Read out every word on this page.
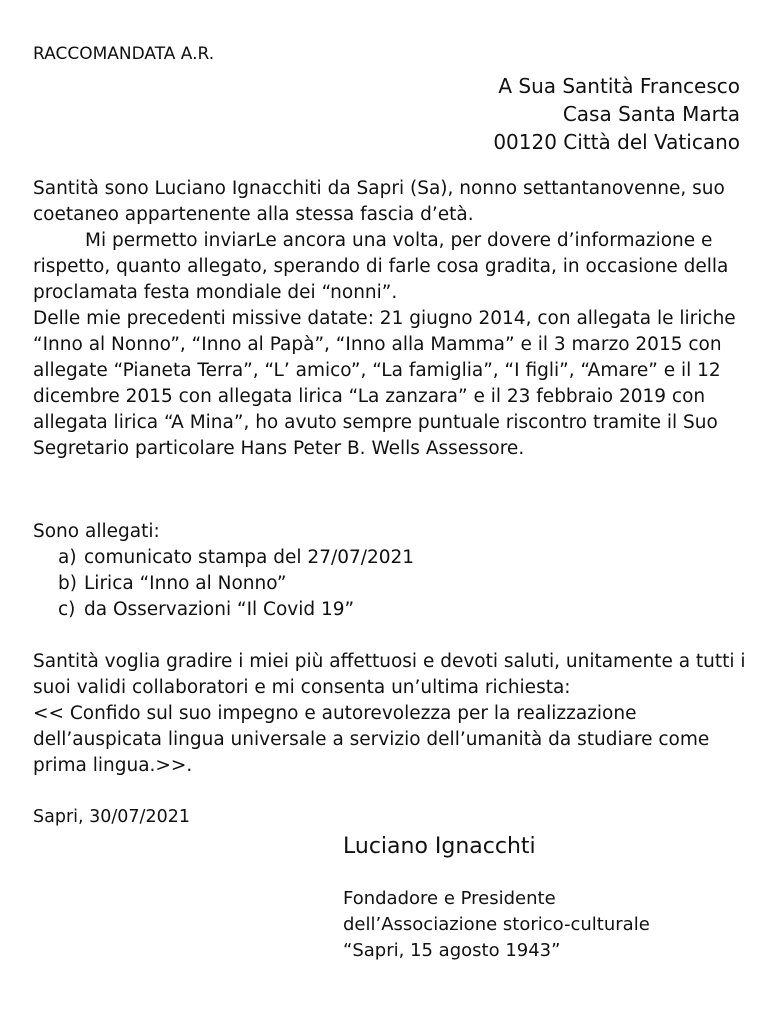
RACCOMANDATA A.R.
A Sua Santità Francesco
Casa Santa Marta
00120 Città del Vaticano

Santità sono Luciano Ignacchiti da Sapri (Sa), nonno settantanovenne, suo coetaneo appartenente alla stessa fascia d’età.

Mi permetto inviarLe ancora una volta, per dovere d’informazione e rispetto, quanto allegato, sperando di farle cosa gradita, in occasione della proclamata festa mondiale dei “nonni”.

Delle mie precedenti missive datate: 21 giugno 2014, con allegata le liriche “Inno al Nonno”, “Inno al Papà”, “Inno alla Mamma” e il 3 marzo 2015 con allegate “Pianeta Terra”, “L’ amico”, “La famiglia”, “I figli”, “Amare” e il 12 dicembre 2015 con allegata lirica “La zanzara” e il 23 febbraio 2019 con allegata lirica “A Mina”, ho avuto sempre puntuale riscontro tramite il Suo Segretario particolare Hans Peter B. Wells Assessore.

Sono allegati:
a) comunicato stampa del 27/07/2021
b) Lirica “Inno al Nonno”
c) da Osservazioni “Il Covid 19”

Santità voglia gradire i miei più affettuosi e devoti saluti, unitamente a tutti i suoi validi collaboratori e mi consenta un’ultima richiesta:

<< Confido sul suo impegno e autorevolezza per la realizzazione dell’auspicata lingua universale a servizio dell’umanità da studiare come prima lingua.>>.

Sapri, 30/07/2021
Luciano Ignacchti
Fondadore e Presidente
dell’Associazione storico-culturale
“Sapri, 15 agosto 1943”
